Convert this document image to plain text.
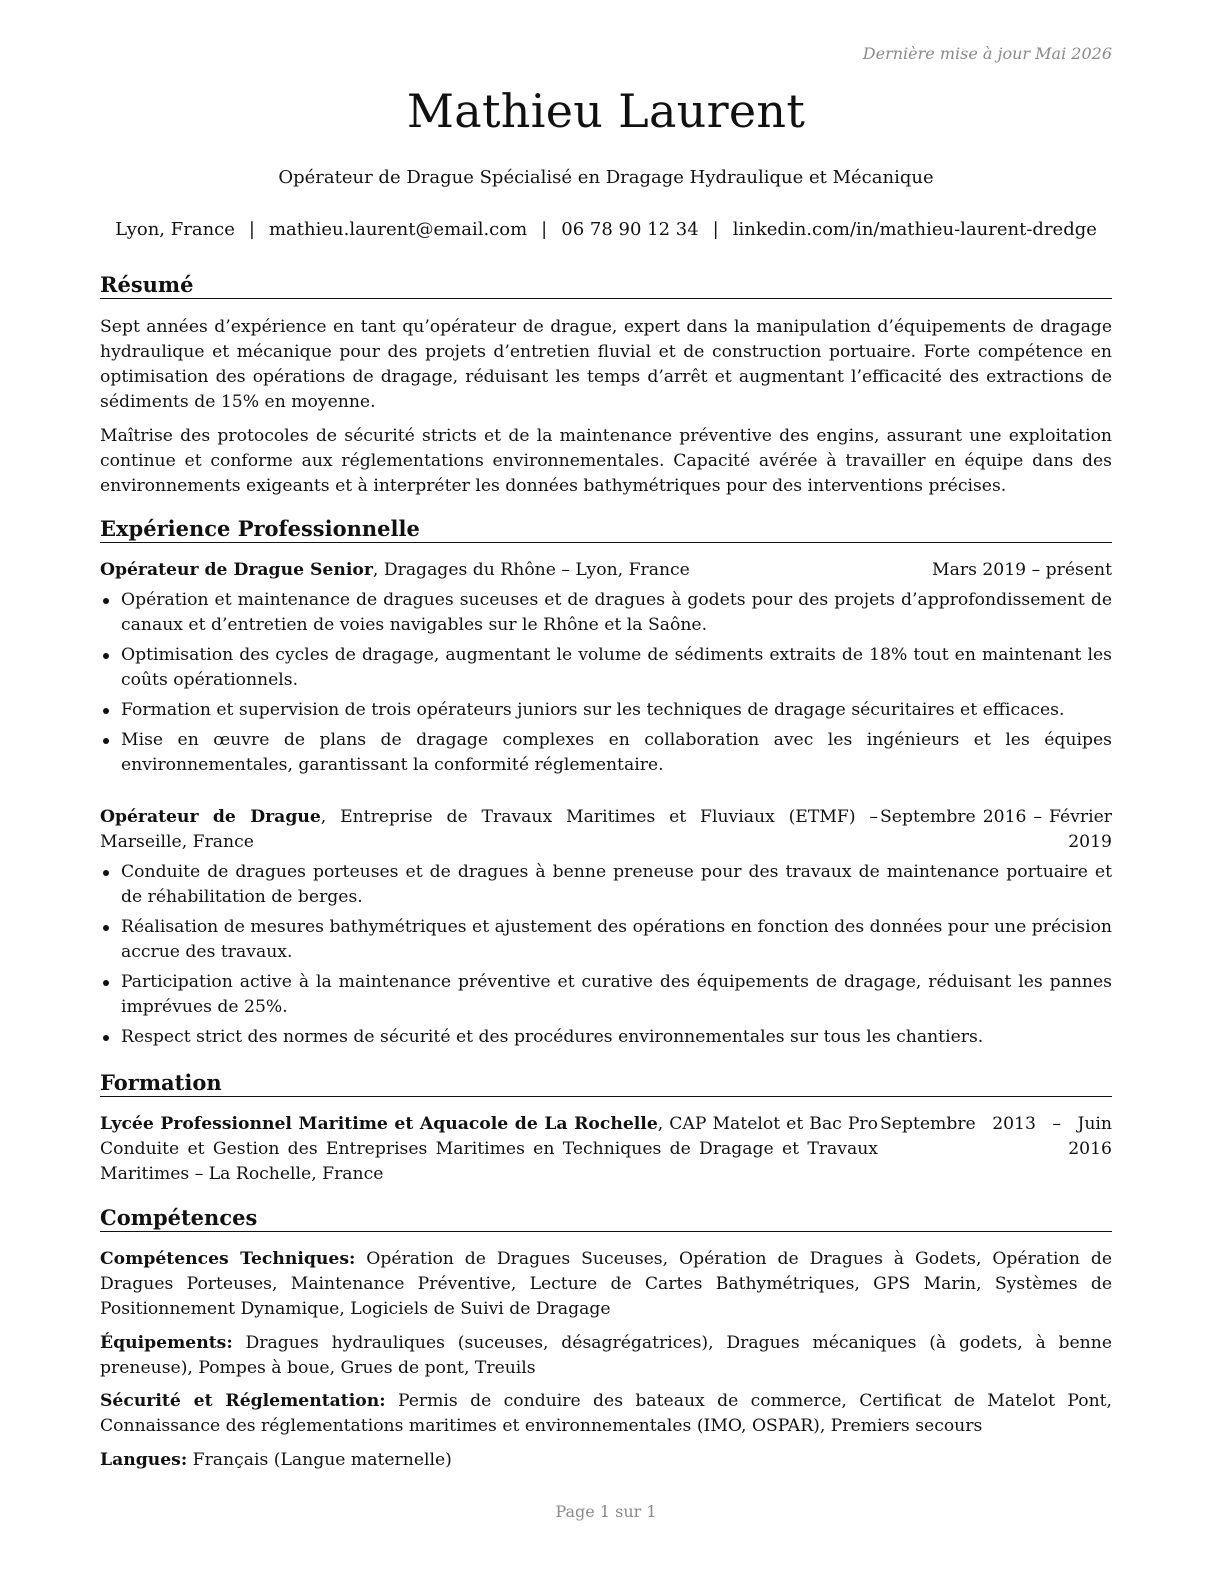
Dernière mise à jour Mai 2026
Mathieu Laurent
Opérateur de Drague Spécialisé en Dragage Hydraulique et Mécanique
Lyon, France | mathieu.laurent@email.com | 06 78 90 12 34 | linkedin.com/in/mathieu-laurent-dredge
Résumé
Sept années d’expérience en tant qu’opérateur de drague, expert dans la manipulation d’équipements de dragage hydraulique et mécanique pour des projets d’entretien fluvial et de construction portuaire. Forte compétence en optimisation des opérations de dragage, réduisant les temps d’arrêt et augmentant l’efficacité des extractions de sédiments de 15% en moyenne.
Maîtrise des protocoles de sécurité stricts et de la maintenance préventive des engins, assurant une exploitation continue et conforme aux réglementations environnementales. Capacité avérée à travailler en équipe dans des environnements exigeants et à interpréter les données bathymétriques pour des interventions précises.
Expérience Professionnelle
Opérateur de Drague Senior, Dragages du Rhône – Lyon, France	Mars 2019 – présent
Opération et maintenance de dragues suceuses et de dragues à godets pour des projets d’approfondissement de canaux et d’entretien de voies navigables sur le Rhône et la Saône.
Optimisation des cycles de dragage, augmentant le volume de sédiments extraits de 18% tout en maintenant les coûts opérationnels.
Formation et supervision de trois opérateurs juniors sur les techniques de dragage sécuritaires et efficaces.
Mise en œuvre de plans de dragage complexes en collaboration avec les ingénieurs et les équipes environnementales, garantissant la conformité réglementaire.
Opérateur de Drague, Entreprise de Travaux Maritimes et Fluviaux (ETMF) – Marseille, France
Septembre 2016 – Février 2019
Conduite de dragues porteuses et de dragues à benne preneuse pour des travaux de maintenance portuaire et de réhabilitation de berges.
Réalisation de mesures bathymétriques et ajustement des opérations en fonction des données pour une précision accrue des travaux.
Participation active à la maintenance préventive et curative des équipements de dragage, réduisant les pannes imprévues de 25%.
Respect strict des normes de sécurité et des procédures environnementales sur tous les chantiers.
Formation
Lycée Professionnel Maritime et Aquacole de La Rochelle, CAP Matelot et Bac Pro Conduite et Gestion des Entreprises Maritimes en Techniques de Dragage et Travaux Maritimes – La Rochelle, France
Septembre 2013 – Juin 2016
Compétences
Compétences Techniques: Opération de Dragues Suceuses, Opération de Dragues à Godets, Opération de Dragues Porteuses, Maintenance Préventive, Lecture de Cartes Bathymétriques, GPS Marin, Systèmes de Positionnement Dynamique, Logiciels de Suivi de Dragage
Équipements: Dragues hydrauliques (suceuses, désagrégatrices), Dragues mécaniques (à godets, à benne preneuse), Pompes à boue, Grues de pont, Treuils
Sécurité et Réglementation: Permis de conduire des bateaux de commerce, Certificat de Matelot Pont, Connaissance des réglementations maritimes et environnementales (IMO, OSPAR), Premiers secours
Langues: Français (Langue maternelle)
Page 1 sur 1
